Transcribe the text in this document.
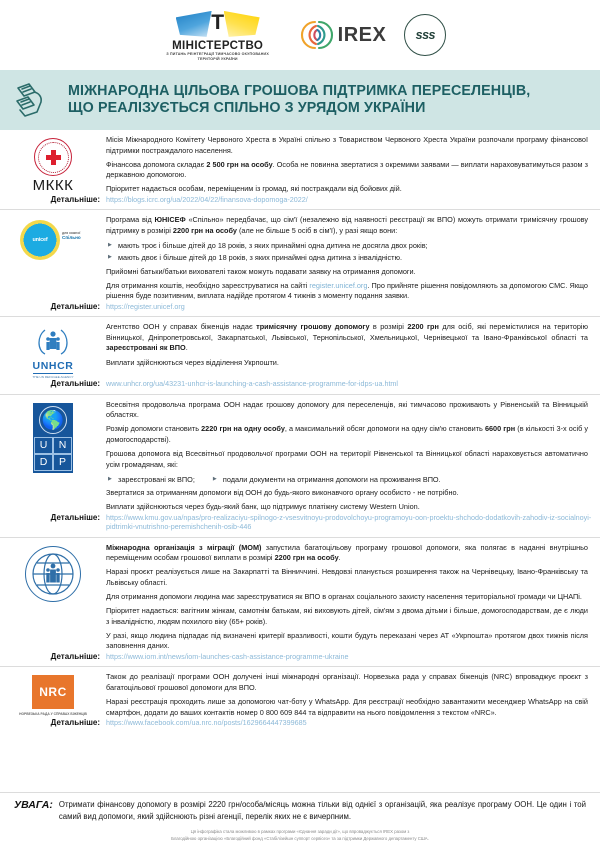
Т
МІНІСТЕРСТВО
З ПИТАНЬ РЕІНТЕГРАЦІЇ ТИМЧАСОВО ОКУПОВАНИХ ТЕРИТОРІЙ УКРАЇНИ
IREX sss
МІЖНАРОДНА ЦІЛЬОВА ГРОШОВА ПІДТРИМКА ПЕРЕСЕЛЕНЦІВ,
ЩО РЕАЛІЗУЄТЬСЯ СПІЛЬНО З УРЯДОМ УКРАЇНИ
МККК

Місія Міжнародного Комітету Червоного Хреста в Україні спільно з Товариством Червоного Хреста України розпочали програму фінансової підтримки постраждалого населення.

Фінансова допомога складає 2 500 грн на особу. Особа не повинна звертатися з окремими заявами — виплати нараховуватимуться разом з державною допомогою.

Пріоритет надається особам, переміщеним із громад, які постраждали від бойових дій.

Детальніше: https://blogs.icrc.org/ua/2022/04/22/finansova-dopomoga-2022/
unicef
для кожної

Спільно

Програма від ЮНІСЕФ «Спільно» передбачає, що сім'ї (незалежно від наявності реєстрації як ВПО) можуть отримати тримісячну грошову підтримку в розмірі 2200 грн на особу (але не більше 5 осіб в сім'ї), у разі якщо вони:

▶ мають троє і більше дітей до 18 років, з яких принаймні одна дитина не досягла двох років;
▶ мають двоє і більше дітей до 18 років, з яких принаймні одна дитина з інвалідністю.

Прийомні батьки/батьки вихователі також можуть подавати заявку на отримання допомоги.

Для отримання коштів, необхідно зареєструватися на сайті register.unicef.org. Про прийняте рішення повідомляють за допомогою СМС. Якщо рішення буде позитивним, виплата надійде протягом 4 тижнів з моменту подання заявки.

Детальніше: https://register.unicef.org
UNHCR
THE UN REFUGEE AGENCY

Агентство ООН у справах біженців надає тримісячну грошову допомогу в розмірі 2200 грн для осіб, які перемістилися на територію Вінницької, Дніпропетровської, Закарпатської, Львівської, Тернопільської, Хмельницької, Чернівецької та Івано-Франківської області та зареєстровані як ВПО.

Виплати здійснюються через відділення Укрпошти.

Детальніше: www.unhcr.org/ua/43231-unhcr-is-launching-a-cash-assistance-programme-for-idps-ua.html
🌎
U	N
D	P

Всесвітня продовольча програма ООН надає грошову допомогу для переселенців, які тимчасово проживають у Рівненській та Вінницькій областях.

Розмір допомоги становить 2220 грн на одну особу, а максимальний обсяг допомоги на одну сім'ю становить 6600 грн (в кількості 3-х осіб у домогосподарстві).

Грошова допомога від Всесвітньої продовольчої програми ООН на території Рівненської та Вінницької області нараховується автоматично усім громадянам, які:

▶ зареєстровані як ВПО;	▶ подали документи на отримання допомоги на проживання ВПО.

Звертатися за отриманням допомоги від ООН до будь-якого виконавчого органу особисто - не потрібно.

Виплати здійснюються через будь-який банк, що підтримує платіжну систему Western Union.

Детальніше: https://www.kmu.gov.ua/npas/pro-realizaciyu-spilnogo-z-vsesvitnoyu-prodovolchoyu-programoyu-oon-proektu-shchodo-dodatkovih-zahodiv-iz-socialnoyi-pidtrimki-vnutrishno-peremishchenih-osib-446

Міжнародна організація з міграції (МОМ) запустила багатоцільову програму грошової допомоги, яка полягає в наданні внутрішньо переміщеним особам грошової виплати в розмірі 2200 грн на особу.

Наразі проєкт реалізується лише на Закарпатті та Вінниччині. Невдовзі планується розширення також на Чернівецьку, Івано-Франківську та Львівську області.

Для отримання допомоги людина має зареєструватися як ВПО в органах соціального захисту населення територіальної громади чи ЦНАПі.

Пріоритет надається: вагітним жінкам, самотнім батькам, які виховують дітей, сім'ям з двома дітьми і більше, домогосподарствам, де є люди з інвалідністю, людям похилого віку (65+ років).

У разі, якщо людина підпадає під визначені критерії вразливості, кошти будуть переказані через АТ «Укрпошта» протягом двох тижнів після заповнення даних.

Детальніше: https://www.iom.int/news/iom-launches-cash-assistance-programme-ukraine
NRC
НОРВЕЗЬКА РАДА У СПРАВАХ БІЖЕНЦІВ

Також до реалізації програми ООН долучені інші міжнародні організації. Норвезька рада у справах біженців (NRC) впроваджує проєкт з багатоцільової грошової допомоги для ВПО.

Наразі реєстрація проходить лише за допомогою чат-боту у WhatsApp. Для реєстрації необхідно завантажити месенджер WhatsApp на свій смартфон, додати до ваших контактів номер 0 800 609 844 та відправити на нього повідомлення з текстом «NRC».

Детальніше: https://www.facebook.com/ua.nrc.no/posts/1629664447399685
УВАГА: Отримати фінансову допомогу в розмірі 2220 грн/особа/місяць можна тільки від однієї з організацій, яка реалізує програму ООН. Це один і той самий вид допомоги, який здійснюють різні агенції, перелік яких не є вичерпним.
Ця інфографіка стала можливою в рамках програми «Єднання заради дії», що впроваджується IREX разом з
Благодійною організацією «Благодійний фонд «Стабілізейшн суппорт сервісез» та за підтримки Державного департаменту США.
